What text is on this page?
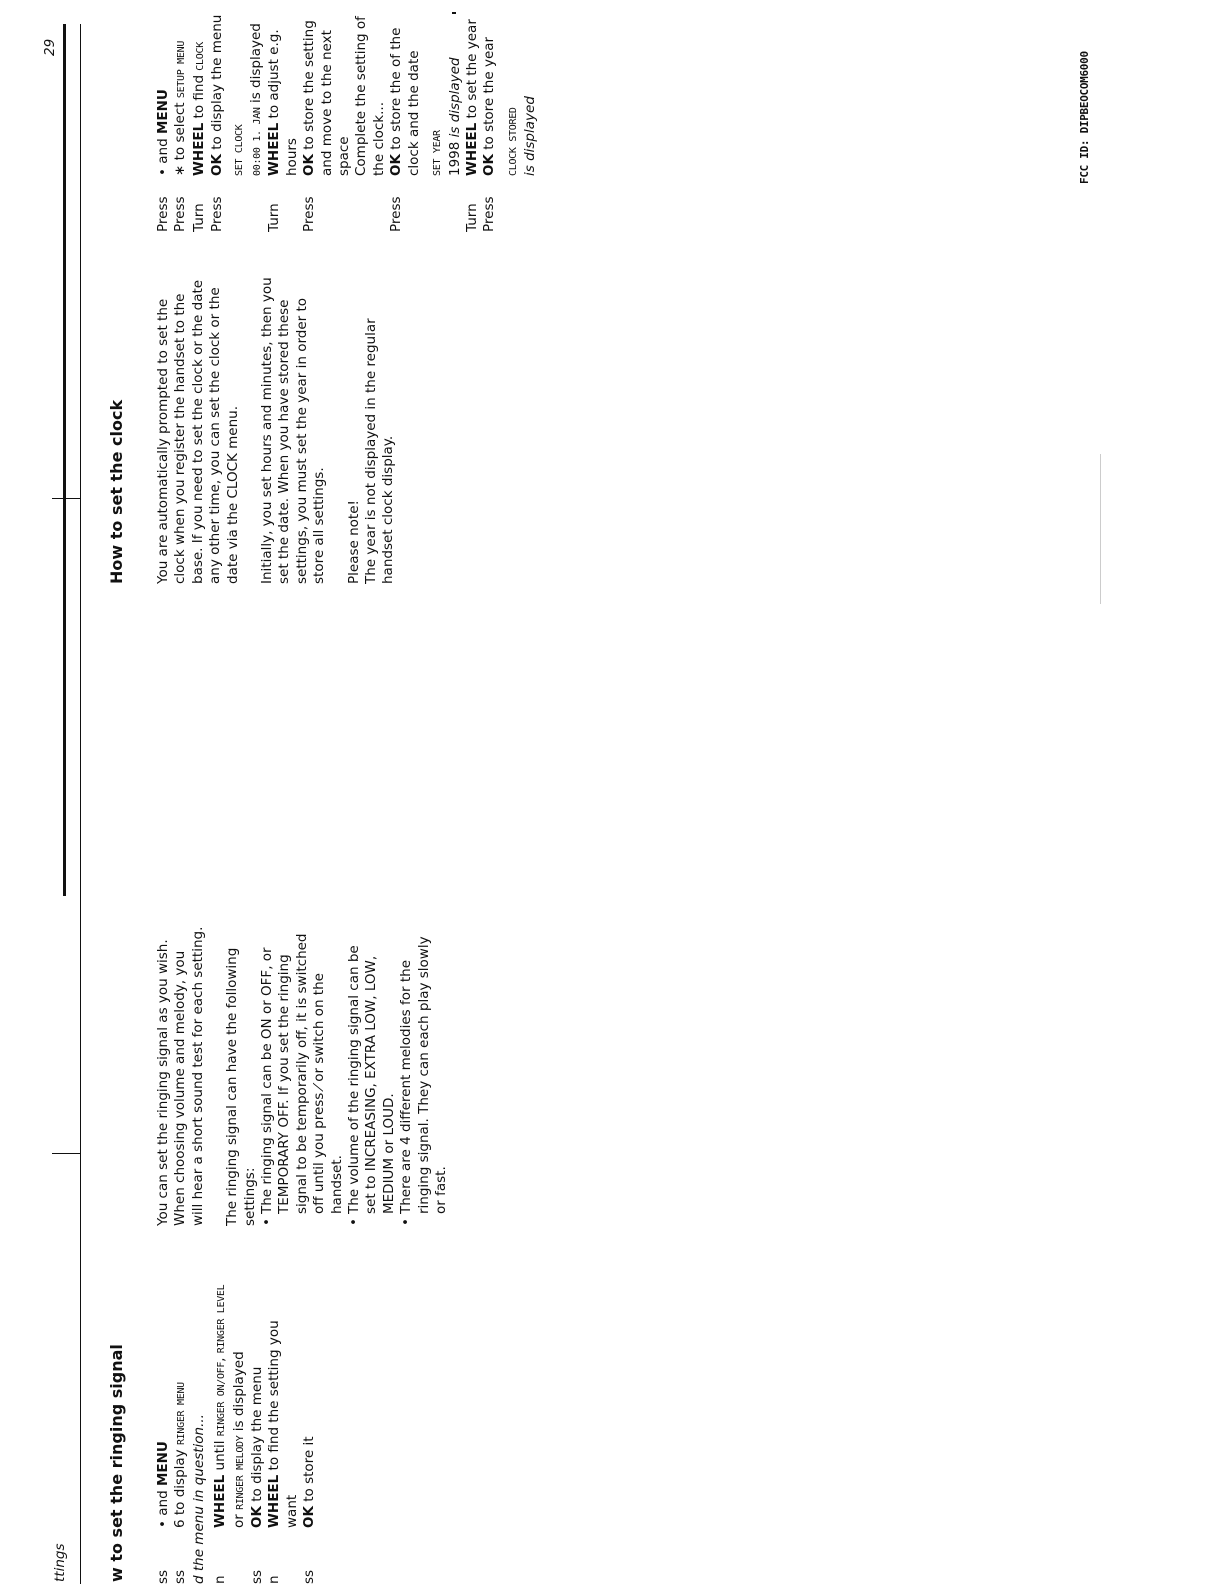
ttings
29
FCC ID: DIPBEOCOM6000
w to set the ringing signal ss
• and MENU
ss
6 to display RINGER MENU
d the menu in question... n
WHEEL until RINGER ON/OFF, RINGER LEVEL or RINGER MELODY is displayed
ss
OK to display the menu
n
WHEEL to find the setting you want
ss
OK to store it

You can set the ringing signal as you wish. When choosing volume and melody, you will hear a short sound test for each setting. The ringing signal can have the following settings: • The ringing signal can be ON or OFF, or TEMPORARY OFF. If you set the ringing signal to be temporarily off, it is switched off until you press ⁄ or switch on the handset. • The volume of the ringing signal can be set to INCREASING, EXTRA LOW, LOW, MEDIUM or LOUD. • There are 4 different melodies for the ringing signal. They can each play slowly or fast.
How to set the clock You are automatically prompted to set the clock when you register the handset to the base. If you need to set the clock or the date any other time, you can set the clock or the date via the CLOCK menu. Initially, you set hours and minutes, then you set the date. When you have stored these settings, you must set the year in order to store all settings. Please note! The year is not displayed in the regular handset clock display.
Press
• and MENU
Press
∗ to select SETUP MENU
Turn
WHEEL to find CLOCK
Press
OK to display the menu SET CLOCK 00:00 1. JAN is displayed
Turn
WHEEL to adjust e.g. hours
Press
OK to store the setting and move to the next space Complete the setting of the clock...
Press
OK to store the of the clock and the date	SET YEAR 1998 is displayed
Turn
WHEEL to set the year
Press
OK to store the year	CLOCK STORED is displayed
